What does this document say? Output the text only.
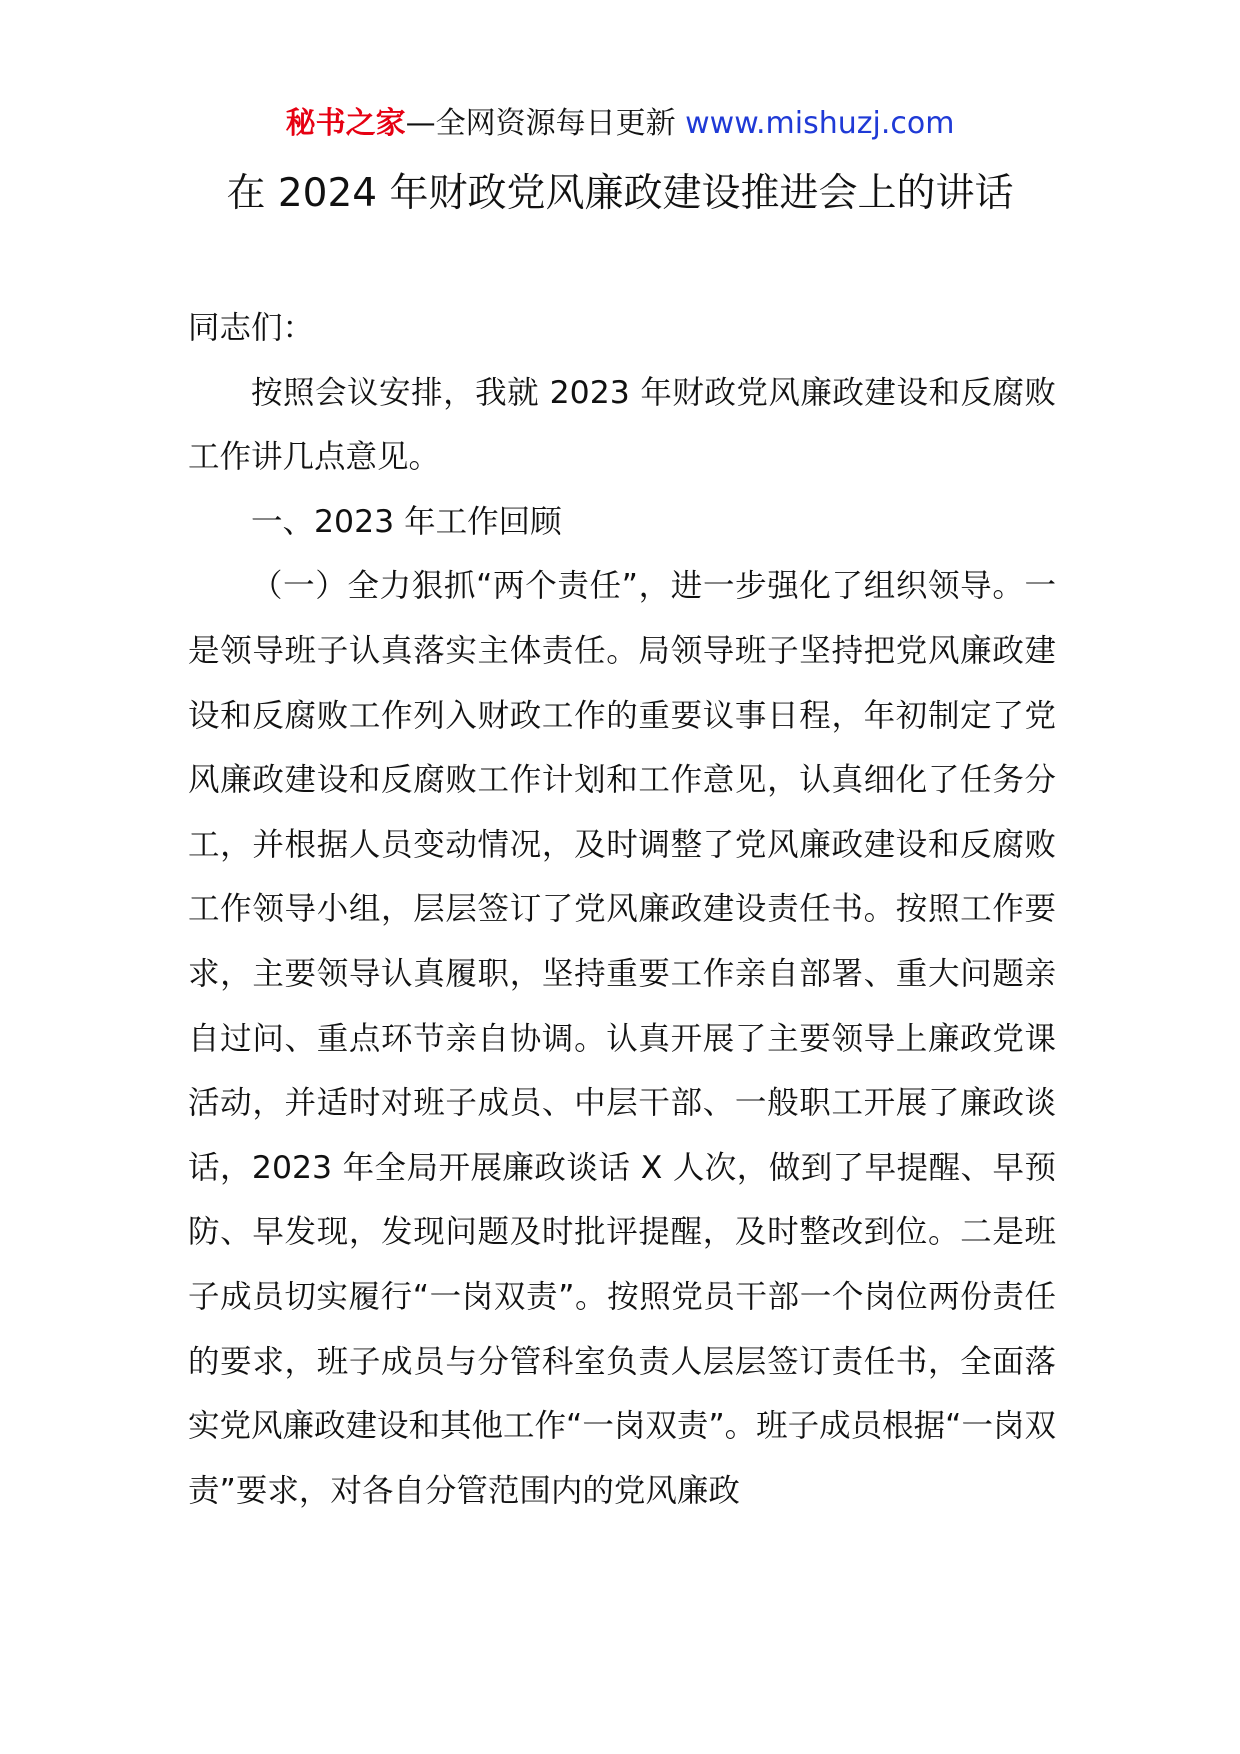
秘书之家—全网资源每日更新 www.mishuzj.com
在 2024 年财政党风廉政建设推进会上的讲话

同志们：

按照会议安排，我就 2023 年财政党风廉政建设和反腐败工作讲几点意见。

一、2023 年工作回顾

（一）全力狠抓“两个责任”，进一步强化了组织领导。一是领导班子认真落实主体责任。局领导班子坚持把党风廉政建设和反腐败工作列入财政工作的重要议事日程，年初制定了党风廉政建设和反腐败工作计划和工作意见，认真细化了任务分工，并根据人员变动情况，及时调整了党风廉政建设和反腐败工作领导小组，层层签订了党风廉政建设责任书。按照工作要求，主要领导认真履职，坚持重要工作亲自部署、重大问题亲自过问、重点环节亲自协调。认真开展了主要领导上廉政党课活动，并适时对班子成员、中层干部、一般职工开展了廉政谈话，2023 年全局开展廉政谈话 X 人次，做到了早提醒、早预防、早发现，发现问题及时批评提醒，及时整改到位。二是班子成员切实履行“一岗双责”。按照党员干部一个岗位两份责任的要求，班子成员与分管科室负责人层层签订责任书，全面落实党风廉政建设和其他工作“一岗双责”。班子成员根据“一岗双责”要求，对各自分管范围内的党风廉政
